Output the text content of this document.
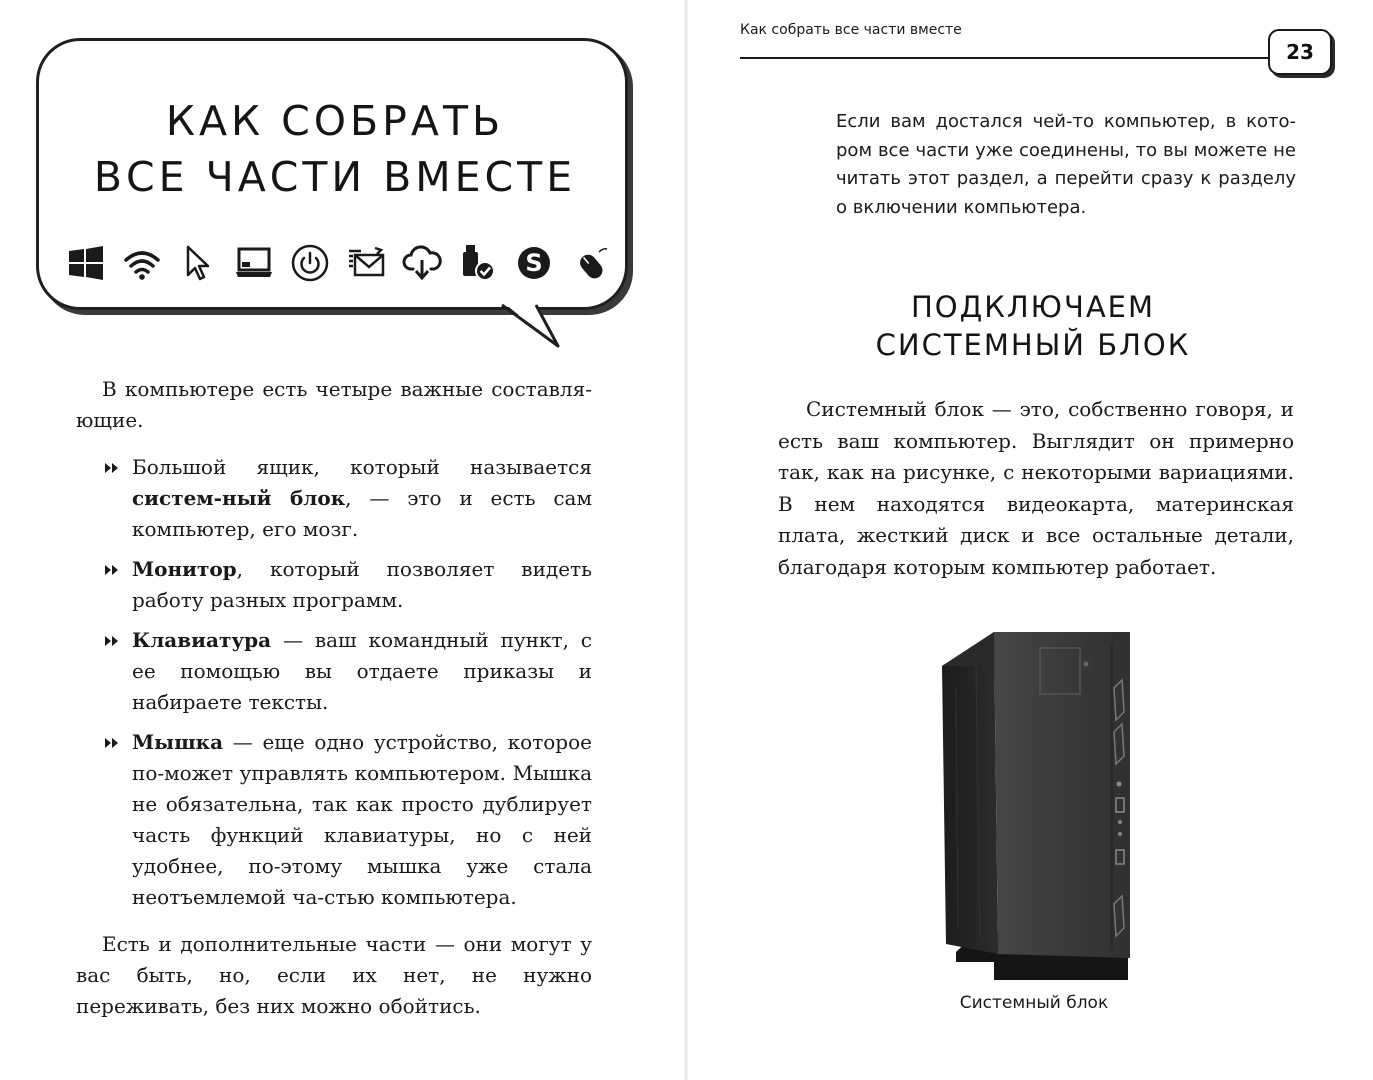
КАК СОБРАТЬ
ВСЕ ЧАСТИ ВМЕСТЕ
S

В компьютере есть четыре важные составля-ющие.

Большой ящик, который называется систем-ный блок, — это и есть сам компьютер, его мозг.
Монитор, который позволяет видеть работу разных программ.
Клавиатура — ваш командный пункт, с ее помощью вы отдаете приказы и набираете тексты.
Мышка — еще одно устройство, которое по-может управлять компьютером. Мышка не обязательна, так как просто дублирует часть функций клавиатуры, но с ней удобнее, по-этому мышка уже стала неотъемлемой ча-стью компьютера.

Есть и дополнительные части — они могут у вас быть, но, если их нет, не нужно переживать, без них можно обойтись.

Как собрать все части вместе
23

Если вам достался чей-то компьютер, в кото-ром все части уже соединены, то вы можете не читать этот раздел, а перейти сразу к разделу о включении компьютера.

ПОДКЛЮЧАЕМ
СИСТЕМНЫЙ БЛОК

Системный блок — это, собственно говоря, и есть ваш компьютер. Выглядит он примерно так, как на рисунке, с некоторыми вариациями. В нем находятся видеокарта, материнская плата, жесткий диск и все остальные детали, благодаря которым компьютер работает.

Системный блок
